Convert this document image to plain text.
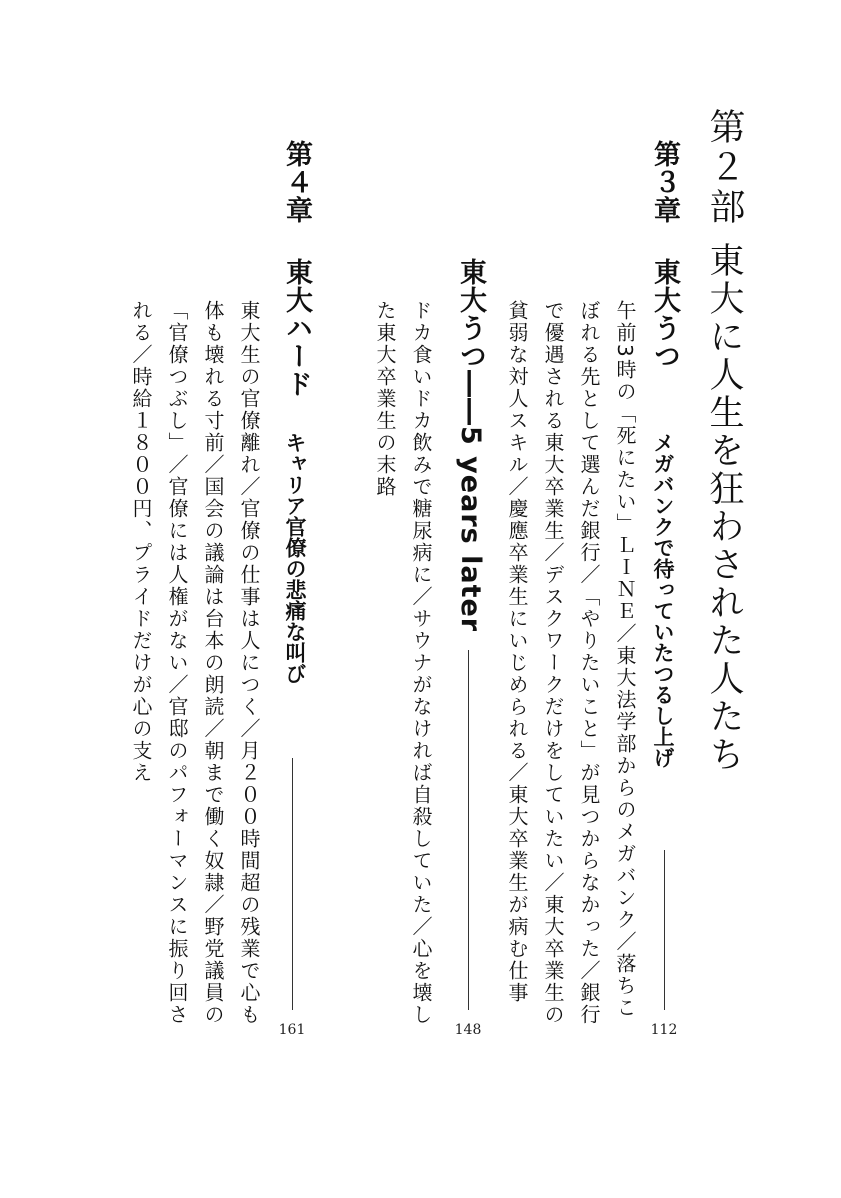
第２部
東大に人生を狂わされた人たち
第３章
東大うつ
メガバンクで待っていたつるし上げ
112
午前3時の「死にたい」ＬＩＮＥ／東大法学部からのメガバンク／落ちこ
ぼれる先として選んだ銀行／「やりたいこと」が見つからなかった／銀行
で優遇される東大卒業生／デスクワークだけをしていたい／東大卒業生の
貧弱な対人スキル／慶應卒業生にいじめられる／東大卒業生が病む仕事
東大うつ――5 years later
148
ドカ食いドカ飲みで糖尿病に／サウナがなければ自殺していた／心を壊し
た東大卒業生の末路
第４章
東大ハード
キャリア官僚の悲痛な叫び
161
東大生の官僚離れ／官僚の仕事は人につく／月２００時間超の残業で心も
体も壊れる寸前／国会の議論は台本の朗読／朝まで働く奴隷／野党議員の
「官僚つぶし」／官僚には人権がない／官邸のパフォーマンスに振り回さ
れる／時給１８００円、プライドだけが心の支え
